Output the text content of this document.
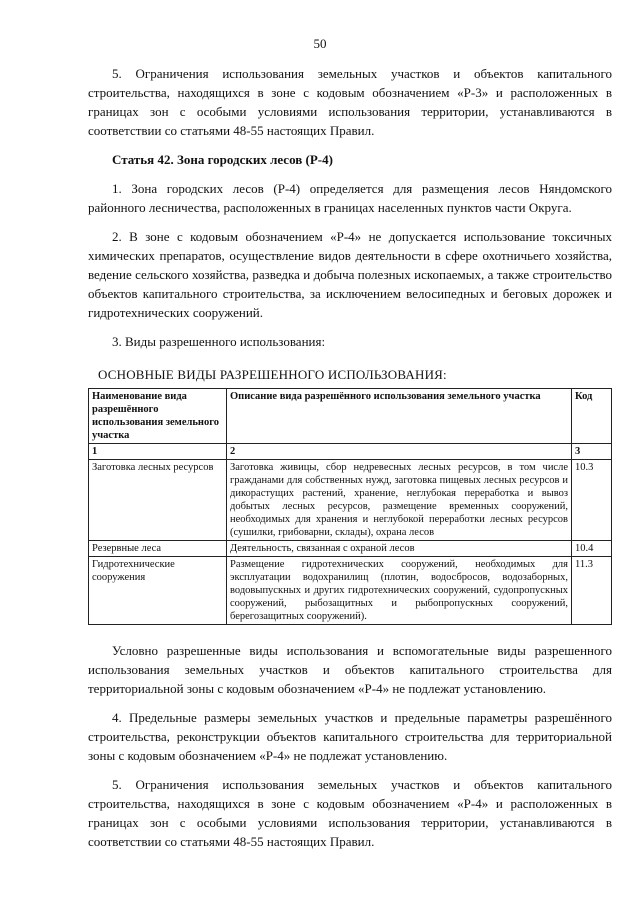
50

5. Ограничения использования земельных участков и объектов капитального строительства, находящихся в зоне с кодовым обозначением «Р-3» и расположенных в границах зон с особыми условиями использования территории, устанавливаются в соответствии со статьями 48-55 настоящих Правил.

Статья 42. Зона городских лесов (Р-4)

1. Зона городских лесов (Р-4) определяется для размещения лесов Няндомского районного лесничества, расположенных в границах населенных пунктов части Округа.

2. В зоне с кодовым обозначением «Р-4» не допускается использование токсичных химических препаратов, осуществление видов деятельности в сфере охотничьего хозяйства, ведение сельского хозяйства, разведка и добыча полезных ископаемых, а также строительство объектов капитального строительства, за исключением велосипедных и беговых дорожек и гидротехнических сооружений.

3. Виды разрешенного использования:

ОСНОВНЫЕ ВИДЫ РАЗРЕШЕННОГО ИСПОЛЬЗОВАНИЯ:
Наименование вида разрешённого использования земельного участка	Описание вида разрешённого использования земельного участка	Код
1	2	3
Заготовка лесных ресурсов	Заготовка живицы, сбор недревесных лесных ресурсов, в том числе гражданами для собственных нужд, заготовка пищевых лесных ресурсов и дикорастущих растений, хранение, неглубокая переработка и вывоз добытых лесных ресурсов, размещение временных сооружений, необходимых для хранения и неглубокой переработки лесных ресурсов (сушилки, грибоварни, склады), охрана лесов	10.3
Резервные леса	Деятельность, связанная с охраной лесов	10.4
Гидротехнические сооружения	Размещение гидротехнических сооружений, необходимых для эксплуатации водохранилищ (плотин, водосбросов, водозаборных, водовыпускных и других гидротехнических сооружений, судопропускных сооружений, рыбозащитных и рыбопропускных сооружений, берегозащитных сооружений).	11.3

Условно разрешенные виды использования и вспомогательные виды разрешенного использования земельных участков и объектов капитального строительства для территориальной зоны с кодовым обозначением «Р-4» не подлежат установлению.

4. Предельные размеры земельных участков и предельные параметры разрешённого строительства, реконструкции объектов капитального строительства для территориальной зоны с кодовым обозначением «Р-4» не подлежат установлению.

5. Ограничения использования земельных участков и объектов капитального строительства, находящихся в зоне с кодовым обозначением «Р-4» и расположенных в границах зон с особыми условиями использования территории, устанавливаются в соответствии со статьями 48-55 настоящих Правил.
